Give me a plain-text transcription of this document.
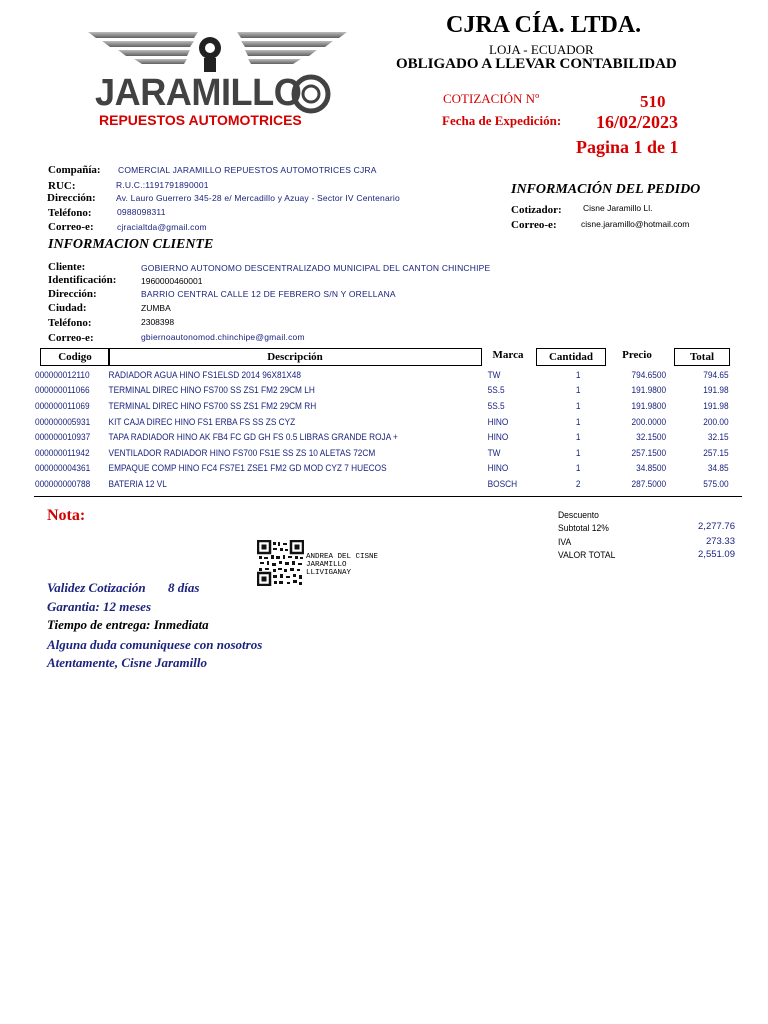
JARAMILLO
REPUESTOS AUTOMOTRICES
CJRA CÍA. LTDA.
LOJA - ECUADOR
OBLIGADO A LLEVAR CONTABILIDAD
COTIZACIÓN Nº	510
Fecha de Expedición: 16/02/2023
Pagina 1 de 1
Compañía: COMERCIAL JARAMILLO REPUESTOS AUTOMOTRICES CJRA
RUC:	R.U.C.:1191791890001
Dirección: Av. Lauro Guerrero 345-28 e/ Mercadillo y Azuay - Sector IV Centenario
Teléfono:	0988098311
Correo-e:	cjracialtda@gmail.com
INFORMACIÓN DEL PEDIDO
Cotizador:	Cisne Jaramillo Ll.
Correo-e:	cisne.jaramillo@hotmail.com
INFORMACION CLIENTE
Cliente:	GOBIERNO AUTONOMO DESCENTRALIZADO MUNICIPAL DEL CANTON CHINCHIPE
Identificación:	1960000460001
Dirección:	BARRIO CENTRAL CALLE 12 DE FEBRERO S/N Y ORELLANA
Ciudad:	ZUMBA
Teléfono:	2308398
Correo-e:	gbiernoautonomod.chinchipe@gmail.com
Codigo	Descripción	Marca	Cantidad	Precio	Total
000000012110 RADIADOR AGUA HINO FS1ELSD 2014 96X81X48	TW	1	794.6500	794.65
000000011066 TERMINAL DIREC HINO FS700 SS ZS1 FM2 29CM LH	5S.5	1	191.9800	191.98
000000011069 TERMINAL DIREC HINO FS700 SS ZS1 FM2 29CM RH	5S.5	1	191.9800	191.98
000000005931 KIT CAJA DIREC HINO FS1 ERBA FS SS ZS CYZ	HINO	1	200.0000	200.00
000000010937 TAPA RADIADOR HINO AK FB4 FC GD GH FS 0.5 LIBRAS GRANDE ROJA +	HINO	1	32.1500	32.15
000000011942 VENTILADOR RADIADOR HINO FS700 FS1E SS ZS 10 ALETAS 72CM	TW	1	257.1500	257.15
000000004361 EMPAQUE COMP HINO FC4 FS7E1 ZSE1 FM2 GD MOD CYZ 7 HUECOS	HINO	1	34.8500	34.85
000000000788 BATERIA 12 VL	BOSCH	2	287.5000	575.00
Nota:	Descuento
Subtotal 12%	2,277.76
IVA	273.33
VALOR TOTAL	2,551.09
ANDREA DEL CISNE
JARAMILLO
LLIVIGANAY
Validez Cotización 8 días
Garantia: 12 meses
Tiempo de entrega: Inmediata
Alguna duda comuniquese con nosotros
Atentamente, Cisne Jaramillo
